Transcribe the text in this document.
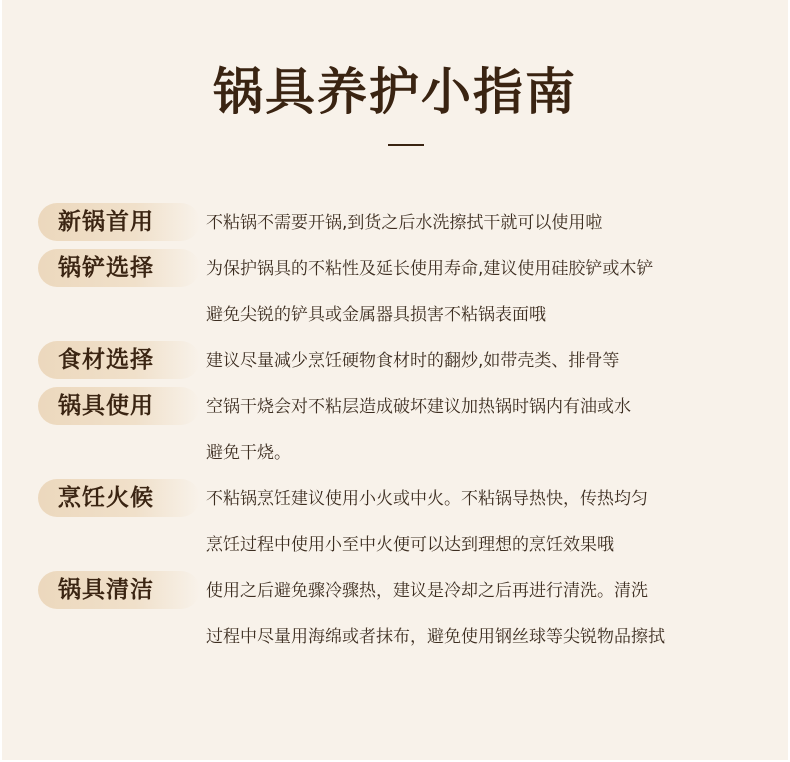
锅具养护小指南
新锅首用	不粘锅不需要开锅,到货之后水洗擦拭干就可以使用啦
锅铲选择	为保护锅具的不粘性及延长使用寿命,建议使用硅胶铲或木铲
避免尖锐的铲具或金属器具损害不粘锅表面哦
食材选择	建议尽量减少烹饪硬物食材时的翻炒,如带壳类、排骨等
锅具使用	空锅干烧会对不粘层造成破坏建议加热锅时锅内有油或水
避免干烧。
烹饪火候	不粘锅烹饪建议使用小火或中火。不粘锅导热快，传热均匀
烹饪过程中使用小至中火便可以达到理想的烹饪效果哦
锅具清洁	使用之后避免骤冷骤热，建议是冷却之后再进行清洗。清洗
过程中尽量用海绵或者抹布，避免使用钢丝球等尖锐物品擦拭
